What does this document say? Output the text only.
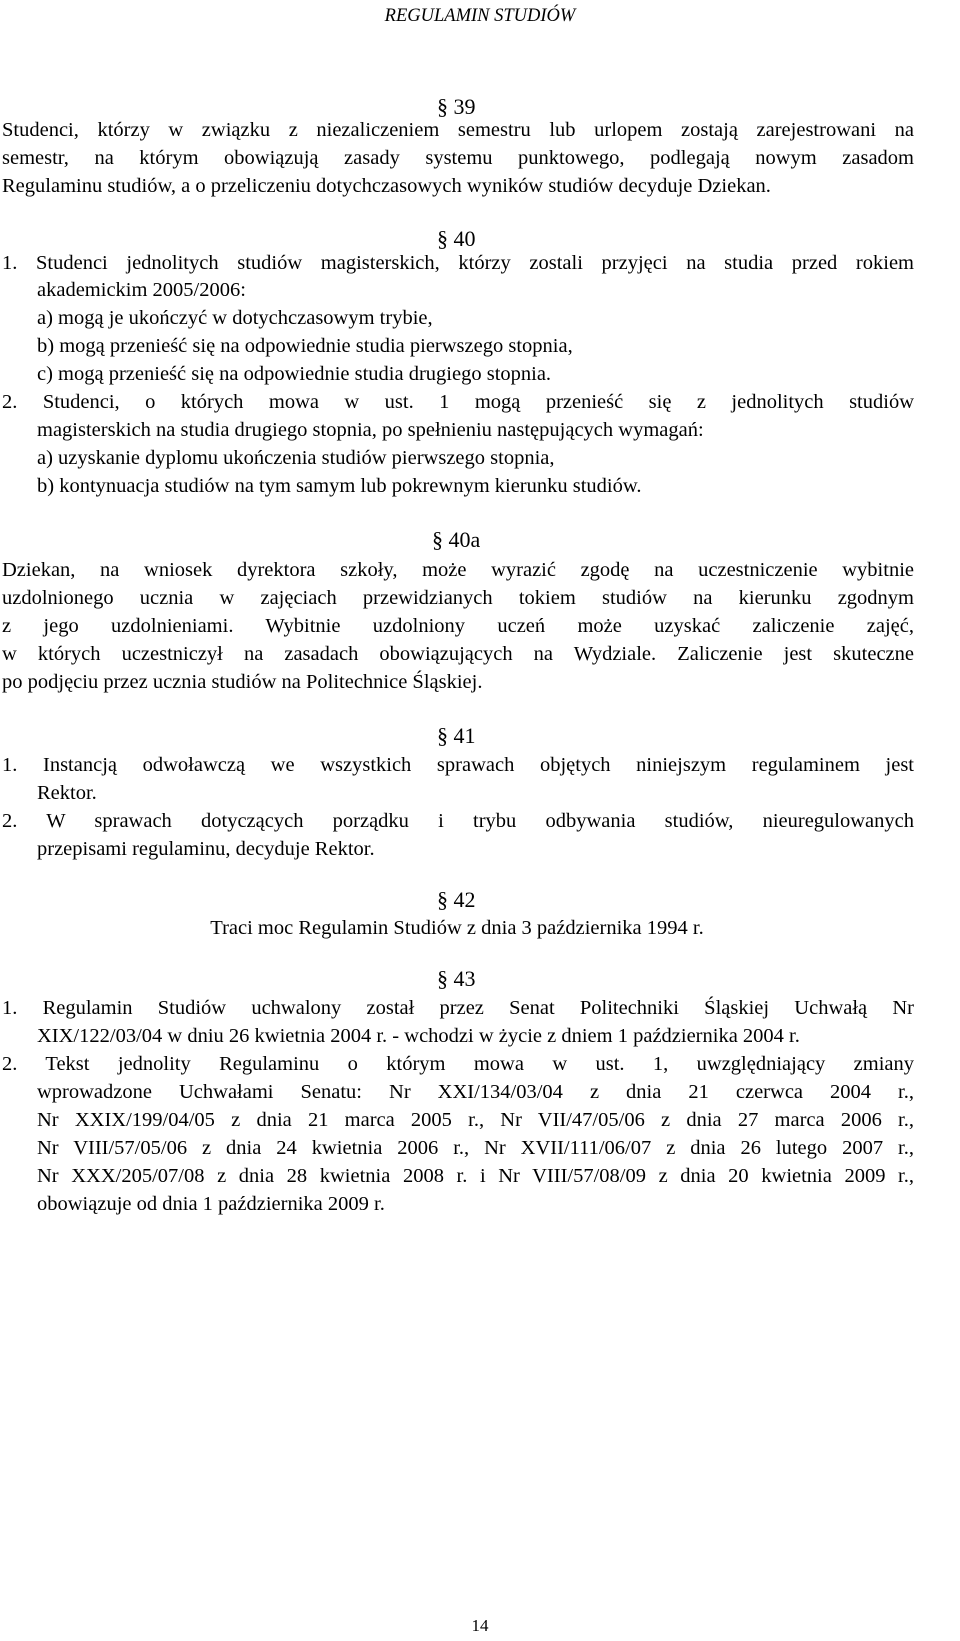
REGULAMIN STUDIÓW
§ 39
Studenci, którzy w związku z niezaliczeniem semestru lub urlopem zostają zarejestrowani na
semestr, na którym obowiązują zasady systemu punktowego, podlegają nowym zasadom
Regulaminu studiów, a o przeliczeniu dotychczasowych wyników studiów decyduje Dziekan.
§ 40
1. Studenci jednolitych studiów magisterskich, którzy zostali przyjęci na studia przed rokiem
akademickim 2005/2006:
a) mogą je ukończyć w dotychczasowym trybie,
b) mogą przenieść się na odpowiednie studia pierwszego stopnia,
c) mogą przenieść się na odpowiednie studia drugiego stopnia.
2. Studenci, o których mowa w ust. 1 mogą przenieść się z jednolitych studiów
magisterskich na studia drugiego stopnia, po spełnieniu następujących wymagań:
a) uzyskanie dyplomu ukończenia studiów pierwszego stopnia,
b) kontynuacja studiów na tym samym lub pokrewnym kierunku studiów.
§ 40a
Dziekan, na wniosek dyrektora szkoły, może wyrazić zgodę na uczestniczenie wybitnie
uzdolnionego ucznia w zajęciach przewidzianych tokiem studiów na kierunku zgodnym
z jego uzdolnieniami. Wybitnie uzdolniony uczeń może uzyskać zaliczenie zajęć,
w których uczestniczył na zasadach obowiązujących na Wydziale. Zaliczenie jest skuteczne
po podjęciu przez ucznia studiów na Politechnice Śląskiej.
§ 41
1. Instancją odwoławczą we wszystkich sprawach objętych niniejszym regulaminem jest
Rektor.
2. W sprawach dotyczących porządku i trybu odbywania studiów, nieuregulowanych
przepisami regulaminu, decyduje Rektor.
§ 42
Traci moc Regulamin Studiów z dnia 3 października 1994 r.
§ 43
1. Regulamin Studiów uchwalony został przez Senat Politechniki Śląskiej Uchwałą Nr
XIX/122/03/04 w dniu 26 kwietnia 2004 r. - wchodzi w życie z dniem 1 października 2004 r.
2. Tekst jednolity Regulaminu o którym mowa w ust. 1, uwzględniający zmiany
wprowadzone Uchwałami Senatu: Nr XXI/134/03/04 z dnia 21 czerwca 2004 r.,
Nr XXIX/199/04/05 z dnia 21 marca 2005 r., Nr VII/47/05/06 z dnia 27 marca 2006 r.,
Nr VIII/57/05/06 z dnia 24 kwietnia 2006 r., Nr XVII/111/06/07 z dnia 26 lutego 2007 r.,
Nr XXX/205/07/08 z dnia 28 kwietnia 2008 r. i Nr VIII/57/08/09 z dnia 20 kwietnia 2009 r.,
obowiązuje od dnia 1 października 2009 r.
14
